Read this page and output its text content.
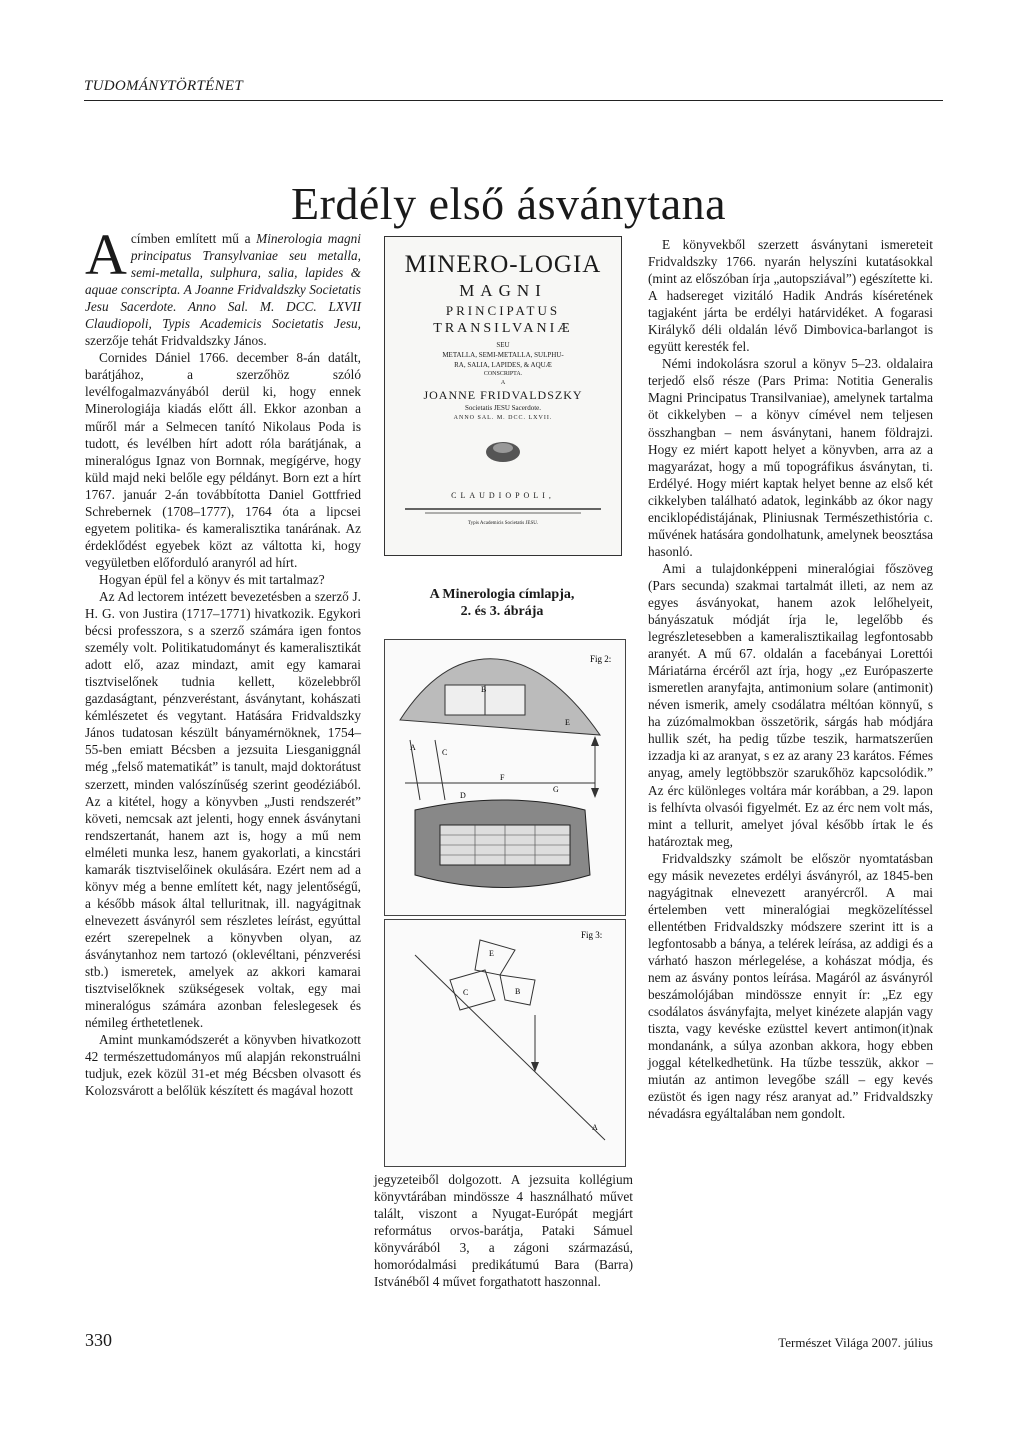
TUDOMÁNYTÖRTÉNET
Erdély első ásványtana

Acímben említett mű a Minerologia magni principatus Transylvaniae seu metalla, semi-metalla, sulphura, salia, lapides & aquae conscripta. A Joanne Fridvaldszky Societatis Jesu Sacerdote. Anno Sal. M. DCC. LXVII Claudiopoli, Typis Academicis Societatis Jesu, szerzője tehát Fridvaldszky János.

Cornides Dániel 1766. december 8-án datált, barátjához, a szerzőhöz szóló levélfogalmazványából derül ki, hogy ennek Minerologiája kiadás előtt áll. Ekkor azonban a műről már a Selmecen tanító Nikolaus Poda is tudott, és levélben hírt adott róla barátjának, a mineralógus Ignaz von Bornnak, megígérve, hogy küld majd neki belőle egy példányt. Born ezt a hírt 1767. január 2-án továbbította Daniel Gottfried Schrebernek (1708–1777), 1764 óta a lipcsei egyetem politika- és kameralisztika tanárának. Az érdeklődést egyebek közt az váltotta ki, hogy vegyületben előforduló aranyról ad hírt.

Hogyan épül fel a könyv és mit tartalmaz?

Az Ad lectorem intézett bevezetésben a szerző J. H. G. von Justira (1717–1771) hivatkozik. Egykori bécsi professzora, s a szerző számára igen fontos személy volt. Politikatudományt és kameralisztikát adott elő, azaz mindazt, amit egy kamarai tisztviselőnek tudnia kellett, közelebbről gazdaságtant, pénzveréstant, ásványtant, kohászati kémlészetet és vegytant. Hatására Fridvaldszky János tudatosan készült bányamérnöknek, 1754–55-ben emiatt Bécsben a jezsuita Liesganiggnál még „felső matematikát” is tanult, majd doktorátust szerzett, minden valószínűség szerint geodéziából. Az a kitétel, hogy a könyvben „Justi rendszerét” követi, nemcsak azt jelenti, hogy ennek ásványtani rendszertanát, hanem azt is, hogy a mű nem elméleti munka lesz, hanem gyakorlati, a kincstári kamarák tisztviselőinek okulására. Ezért nem ad a könyv még a benne említett két, nagy jelentőségű, a később mások által telluritnak, ill. nagyágitnak elnevezett ásványról sem részletes leírást, egyúttal ezért szerepelnek a könyvben olyan, az ásványtanhoz nem tartozó (oklevéltani, pénzverési stb.) ismeretek, amelyek az akkori kamarai tisztviselőknek szükségesek voltak, egy mai mineralógus számára azonban feleslegesek és némileg érthetetlenek.

Amint munkamódszerét a könyvben hivatkozott 42 természettudományos mű alapján rekonstruálni tudjuk, ezek közül 31-et még Bécsben olvasott és Kolozsvárott a belőlük készített és magával hozott

MINERO-LOGIA
MAGNI
PRINCIPATUS
TRANSILVANIÆ
SEU
METALLA, SEMI-METALLA, SULPHU-
RA, SALIA, LAPIDES, & AQUÆ
CONSCRIPTA.
A
JOANNE FRIDVALDSZKY
Societatis JESU Sacerdote.
ANNO SAL. M. DCC. LXVII.
CLAUDIOPOLI,
Typis Academicis Societatis JESU.
A Minerologia címlapja,
2. és 3. ábrája
Fig 2:
B
E
A
C
F
G
D
Fig 3:
E
C	B
A

jegyzeteiből dolgozott. A jezsuita kollégium könyvtárában mindössze 4 használható művet talált, viszont a Nyugat-Európát megjárt református orvos-barátja, Pataki Sámuel könyvárából 3, a zágoni származású, homoródalmási predikátumú Bara (Barra) Istvánéből 4 művet forgathatott haszonnal.

E könyvekből szerzett ásványtani ismereteit Fridvaldszky 1766. nyarán helyszíni kutatásokkal (mint az előszóban írja „autopsziával”) egészítette ki. A hadsereget vizitáló Hadik András kíséretének tagjaként járta be erdélyi határvidéket. A fogarasi Királykő déli oldalán lévő Dimbovica-barlangot is együtt keresték fel.

Némi indokolásra szorul a könyv 5–23. oldalaira terjedő első része (Pars Prima: Notitia Generalis Magni Principatus Transilvaniae), amelynek tartalma öt cikkelyben – a könyv címével nem teljesen összhangban – nem ásványtani, hanem földrajzi. Hogy ez miért kapott helyet a könyvben, arra az a magyarázat, hogy a mű topográfikus ásványtan, ti. Erdélyé. Hogy miért kaptak helyet benne az első két cikkelyben található adatok, leginkább az ókor nagy enciklopédistájának, Pliniusnak Természethistória c. művének hatására gondolhatunk, amelynek beosztása hasonló.

Ami a tulajdonképpeni mineralógiai főszöveg (Pars secunda) szakmai tartalmát illeti, az nem az egyes ásványokat, hanem azok lelőhelyeit, bányászatuk módját írja le, legelőbb és legrészletesebben a kameralisztikailag legfontosabb aranyét. A mű 67. oldalán a facebányai Lorettói Máriatárna ércéről azt írja, hogy „ez Európaszerte ismeretlen aranyfajta, antimonium solare (antimonit) néven ismerik, amely csodálatra méltóan könnyű, s ha zúzómalmokban összetörik, sárgás hab módjára hullik szét, ha pedig tűzbe teszik, harmatszerűen izzadja ki az aranyat, s ez az arany 23 karátos. Fémes anyag, amely legtöbbször szarukőhöz kapcsolódik.” Az érc különleges voltára már korábban, a 29. lapon is felhívta olvasói figyelmét. Ez az érc nem volt más, mint a tellurit, amelyet jóval később írtak le és határoztak meg,

Fridvaldszky számolt be először nyomtatásban egy másik nevezetes erdélyi ásványról, az 1845-ben nagyágitnak elnevezett aranyércről. A mai értelemben vett mineralógiai megközelítéssel ellentétben Fridvaldszky módszere szerint itt is a legfontosabb a bánya, a telérek leírása, az addigi és a várható haszon mérlegelése, a kohászat módja, és nem az ásvány pontos leírása. Magáról az ásványról beszámolójában mindössze ennyit ír: „Ez egy csodálatos ásványfajta, melyet kinézete alapján vagy tiszta, vagy kevéske ezüsttel kevert antimon(it)nak mondanánk, a súlya azonban akkora, hogy ebben joggal kételkedhetünk. Ha tűzbe tesszük, akkor – miután az antimon levegőbe száll – egy kevés ezüstöt és igen nagy rész aranyat ad.” Fridvaldszky névadásra egyáltalában nem gondolt.

330	Természet Világa 2007. július
